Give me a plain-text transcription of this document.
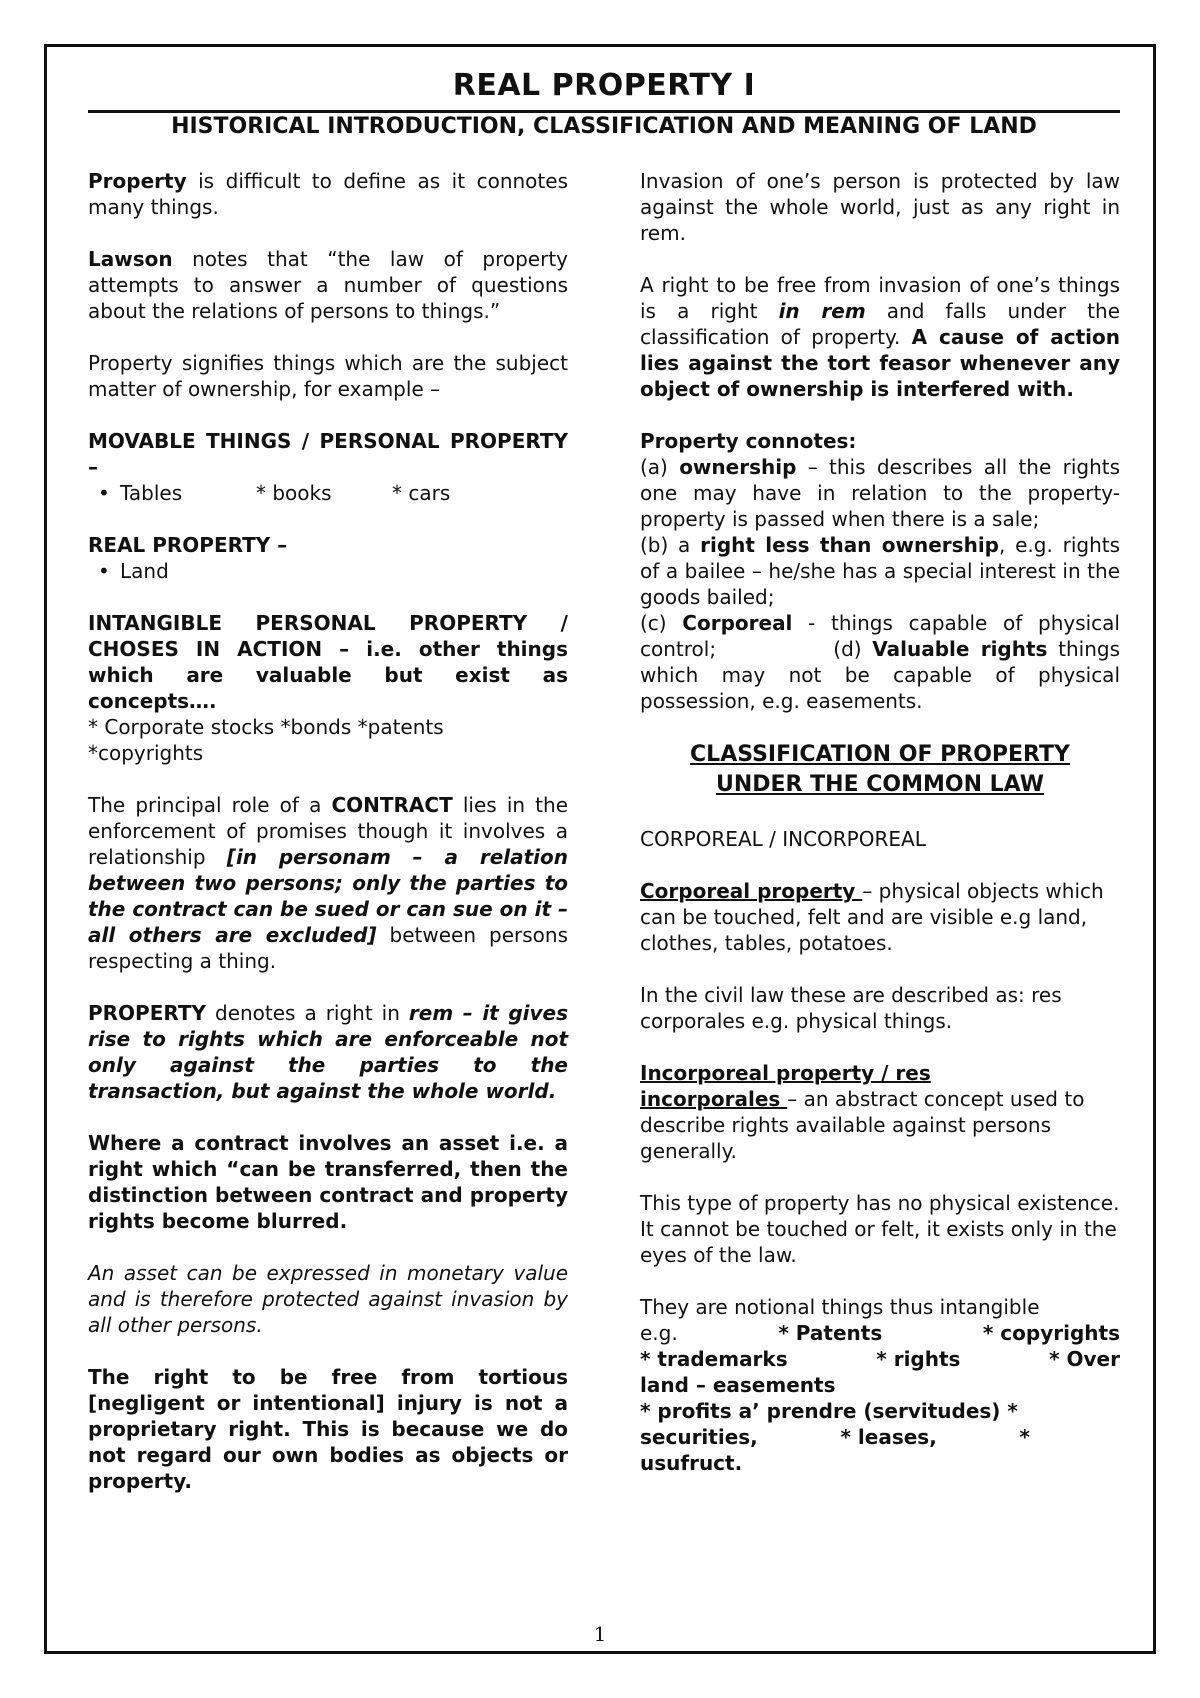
REAL PROPERTY I
HISTORICAL INTRODUCTION, CLASSIFICATION AND MEANING OF LAND

Property is difficult to define as it connotes many things.

Lawson notes that “the law of property attempts to answer a number of questions about the relations of persons to things.”

Property signifies things which are the subject matter of ownership, for example –

MOVABLE THINGS / PERSONAL PROPERTY –

• Tables	* books	* cars

REAL PROPERTY –

• Land

INTANGIBLE PERSONAL PROPERTY / CHOSES IN ACTION – i.e. other things which are valuable but exist as concepts….

* Corporate stocks *bonds *patents

*copyrights

The principal role of a CONTRACT lies in the enforcement of promises though it involves a relationship [in personam – a relation between two persons; only the parties to the contract can be sued or can sue on it – all others are excluded] between persons respecting a thing.

PROPERTY denotes a right in rem – it gives rise to rights which are enforceable not only against the parties to the transaction, but against the whole world.

Where a contract involves an asset i.e. a right which “can be transferred, then the distinction between contract and property rights become blurred.

An asset can be expressed in monetary value and is therefore protected against invasion by all other persons.

The right to be free from tortious [negligent or intentional] injury is not a proprietary right. This is because we do not regard our own bodies as objects or property.

Invasion of one’s person is protected by law against the whole world, just as any right in rem.

A right to be free from invasion of one’s things is a right in rem and falls under the classification of property. A cause of action lies against the tort feasor whenever any object of ownership is interfered with.

Property connotes:

(a) ownership – this describes all the rights one may have in relation to the property- property is passed when there is a sale;

(b) a right less than ownership, e.g. rights of a bailee – he/she has a special interest in the goods bailed;

(c) Corporeal - things capable of physical control;	(d) Valuable rights things which may not be capable of physical possession, e.g. easements.

CLASSIFICATION OF PROPERTY
UNDER THE COMMON LAW

CORPOREAL / INCORPOREAL

Corporeal property – physical objects which can be touched, felt and are visible e.g land, clothes, tables, potatoes.

In the civil law these are described as: res corporales e.g. physical things.

Incorporeal property / res
incorporales – an abstract concept used to describe rights available against persons generally.

This type of property has no physical existence. It cannot be touched or felt, it exists only in the eyes of the law.

They are notional things thus intangible
e.g.	* Patents	* copyrights
* trademarks	* rights	* Over
land – easements
* profits a’ prendre (servitudes) *
securities,	* leases,	*
usufruct.
1
